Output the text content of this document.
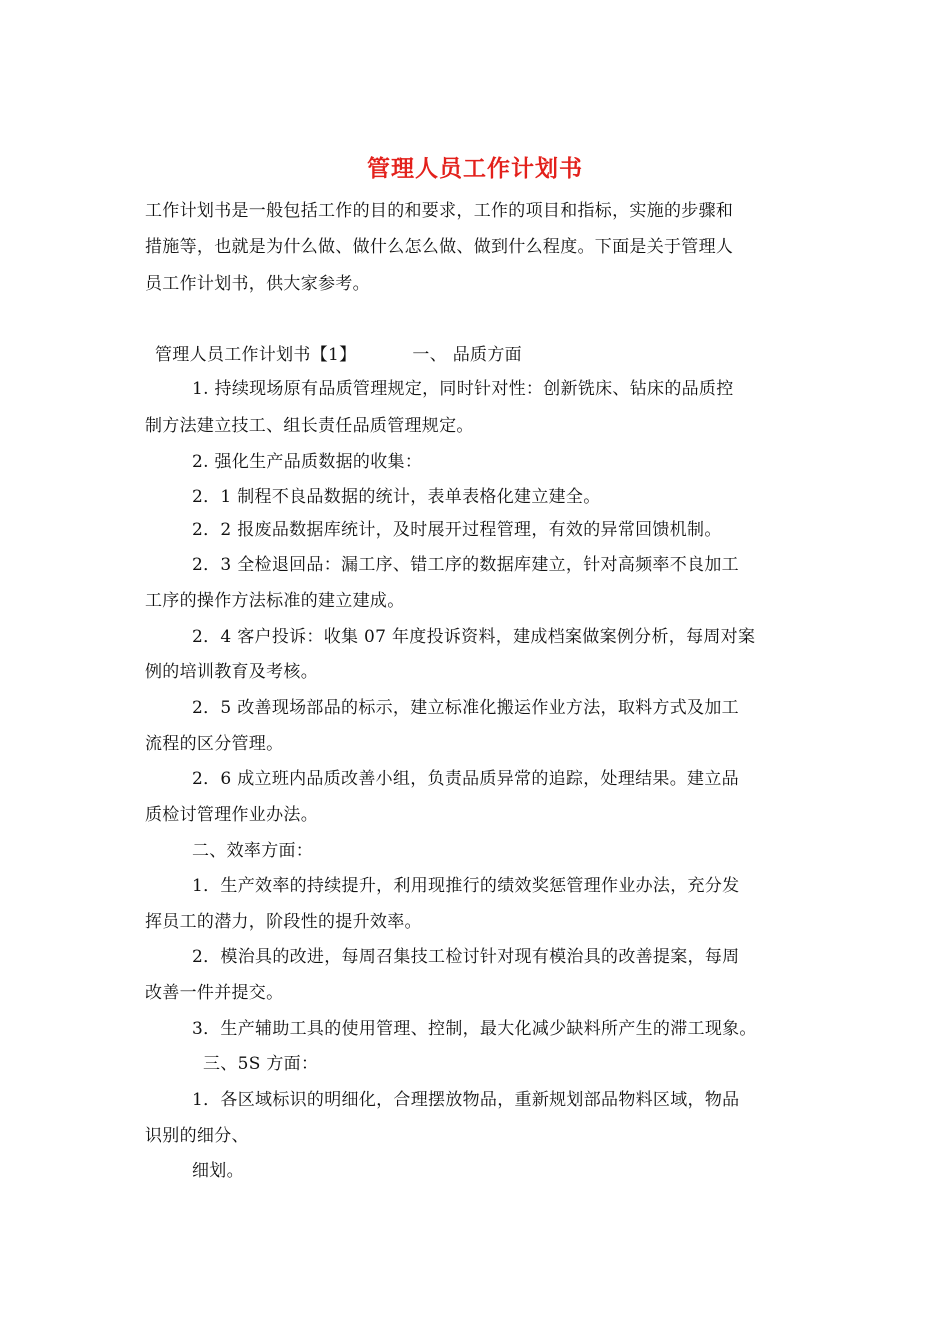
管理人员工作计划书
工作计划书是一般包括工作的目的和要求，工作的项目和指标，实施的步骤和
措施等，也就是为什么做、做什么怎么做、做到什么程度。下面是关于管理人
员工作计划书，供大家参考。
管理人员工作计划书【1】	一、 品质方面
1. 持续现场原有品质管理规定，同时针对性：创新铣床、钻床的品质控
制方法建立技工、组长责任品质管理规定。
2. 强化生产品质数据的收集：
2．1 制程不良品数据的统计，表单表格化建立建全。
2．2 报废品数据库统计，及时展开过程管理，有效的异常回馈机制。
2．3 全检退回品：漏工序、错工序的数据库建立，针对高频率不良加工
工序的操作方法标准的建立建成。
2．4 客户投诉：收集 07 年度投诉资料，建成档案做案例分析，每周对案
例的培训教育及考核。
2．5 改善现场部品的标示，建立标准化搬运作业方法，取料方式及加工
流程的区分管理。
2．6 成立班内品质改善小组，负责品质异常的追踪，处理结果。建立品
质检讨管理作业办法。
二、效率方面：
1．生产效率的持续提升，利用现推行的绩效奖惩管理作业办法，充分发
挥员工的潜力，阶段性的提升效率。
2．模治具的改进，每周召集技工检讨针对现有模治具的改善提案，每周
改善一件并提交。
3．生产辅助工具的使用管理、控制，最大化减少缺料所产生的滞工现象。
三、5S 方面：
1．各区域标识的明细化，合理摆放物品，重新规划部品物料区域，物品
识别的细分、
细划。
